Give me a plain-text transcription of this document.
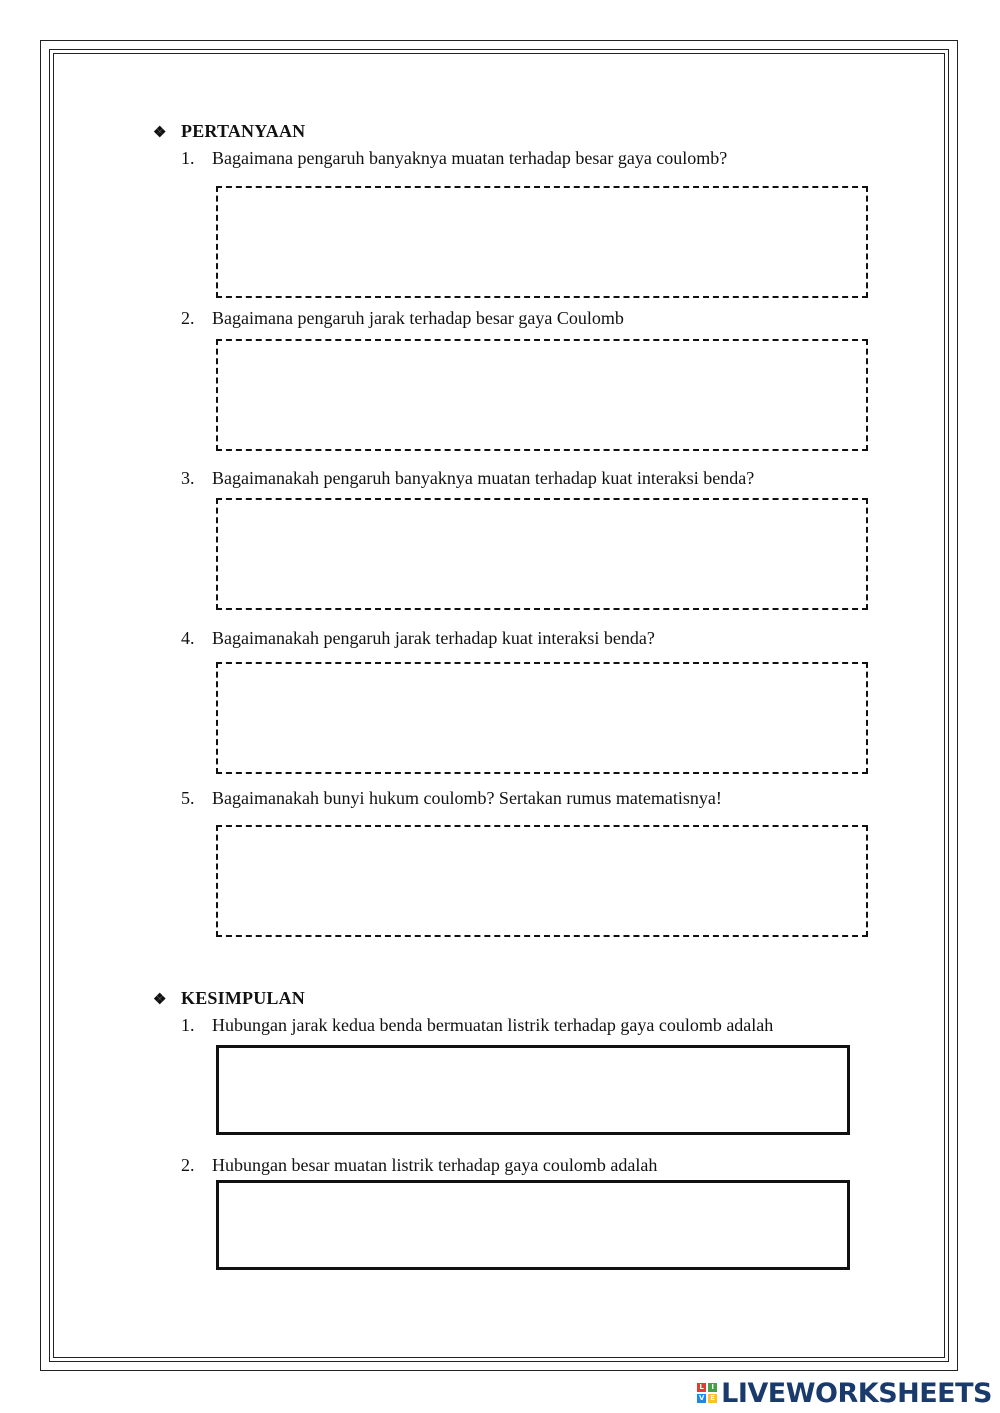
❖ PERTANYAAN
1. Bagaimana pengaruh banyaknya muatan terhadap besar gaya coulomb?
2. Bagaimana pengaruh jarak terhadap besar gaya Coulomb
3. Bagaimanakah pengaruh banyaknya muatan terhadap kuat interaksi benda?
4. Bagaimanakah pengaruh jarak terhadap kuat interaksi benda?
5. Bagaimanakah bunyi hukum coulomb? Sertakan rumus matematisnya!
❖ KESIMPULAN
1. Hubungan jarak kedua benda bermuatan listrik terhadap gaya coulomb adalah
2. Hubungan besar muatan listrik terhadap gaya coulomb adalah
L	I
V E LIVEWORKSHEETS
